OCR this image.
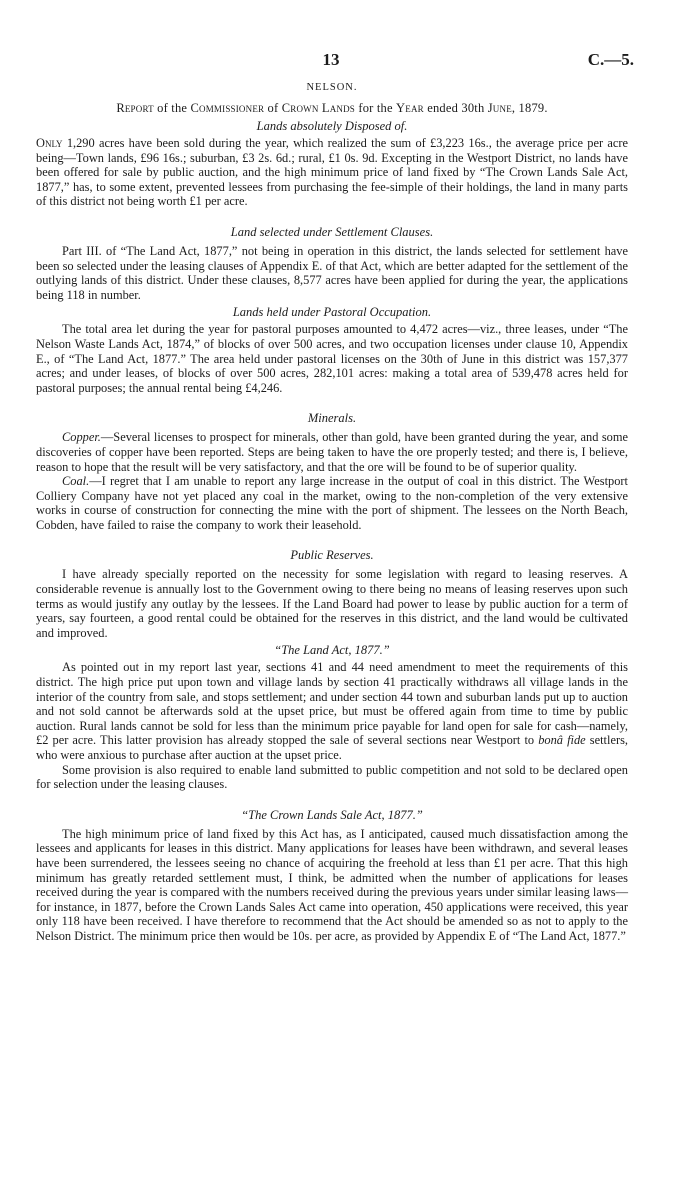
13	C.—5.
NELSON.
Report of the Commissioner of Crown Lands for the Year ended 30th June, 1879.
Lands absolutely Disposed of.

Only 1,290 acres have been sold during the year, which realized the sum of £3,223 16s., the average price per acre being—Town lands, £96 16s.; suburban, £3 2s. 6d.; rural, £1 0s. 9d. Excepting in the Westport District, no lands have been offered for sale by public auction, and the high minimum price of land fixed by “The Crown Lands Sale Act, 1877,” has, to some extent, prevented lessees from purchasing the fee-simple of their holdings, the land in many parts of this district not being worth £1 per acre.

Land selected under Settlement Clauses.

Part III. of “The Land Act, 1877,” not being in operation in this district, the lands selected for settlement have been so selected under the leasing clauses of Appendix E. of that Act, which are better adapted for the settlement of the outlying lands of this district. Under these clauses, 8,577 acres have been applied for during the year, the applications being 118 in number.

Lands held under Pastoral Occupation.

The total area let during the year for pastoral purposes amounted to 4,472 acres—viz., three leases, under “The Nelson Waste Lands Act, 1874,” of blocks of over 500 acres, and two occupation licenses under clause 10, Appendix E., of “The Land Act, 1877.” The area held under pastoral licenses on the 30th of June in this district was 157,377 acres; and under leases, of blocks of over 500 acres, 282,101 acres: making a total area of 539,478 acres held for pastoral purposes; the annual rental being £4,246.

Minerals.

Copper.—Several licenses to prospect for minerals, other than gold, have been granted during the year, and some discoveries of copper have been reported. Steps are being taken to have the ore properly tested; and there is, I believe, reason to hope that the result will be very satisfactory, and that the ore will be found to be of superior quality.

Coal.—I regret that I am unable to report any large increase in the output of coal in this district. The Westport Colliery Company have not yet placed any coal in the market, owing to the non-completion of the very extensive works in course of construction for connecting the mine with the port of shipment. The lessees on the North Beach, Cobden, have failed to raise the company to work their leasehold.

Public Reserves.

I have already specially reported on the necessity for some legislation with regard to leasing reserves. A considerable revenue is annually lost to the Government owing to there being no means of leasing reserves upon such terms as would justify any outlay by the lessees. If the Land Board had power to lease by public auction for a term of years, say fourteen, a good rental could be obtained for the reserves in this district, and the land would be cultivated and improved.

“The Land Act, 1877.”

As pointed out in my report last year, sections 41 and 44 need amendment to meet the requirements of this district. The high price put upon town and village lands by section 41 practically withdraws all village lands in the interior of the country from sale, and stops settlement; and under section 44 town and suburban lands put up to auction and not sold cannot be afterwards sold at the upset price, but must be offered again from time to time by public auction. Rural lands cannot be sold for less than the minimum price payable for land open for sale for cash—namely, £2 per acre. This latter provision has already stopped the sale of several sections near Westport to bonâ fide settlers, who were anxious to purchase after auction at the upset price.

Some provision is also required to enable land submitted to public competition and not sold to be declared open for selection under the leasing clauses.

“The Crown Lands Sale Act, 1877.”

The high minimum price of land fixed by this Act has, as I anticipated, caused much dissatisfaction among the lessees and applicants for leases in this district. Many applications for leases have been withdrawn, and several leases have been surrendered, the lessees seeing no chance of acquiring the freehold at less than £1 per acre. That this high minimum has greatly retarded settlement must, I think, be admitted when the number of applications for leases received during the year is compared with the numbers received during the previous years under similar leasing laws—for instance, in 1877, before the Crown Lands Sales Act came into operation, 450 applications were received, this year only 118 have been received. I have therefore to recommend that the Act should be amended so as not to apply to the Nelson District. The minimum price then would be 10s. per acre, as provided by Appendix E of “The Land Act, 1877.”
